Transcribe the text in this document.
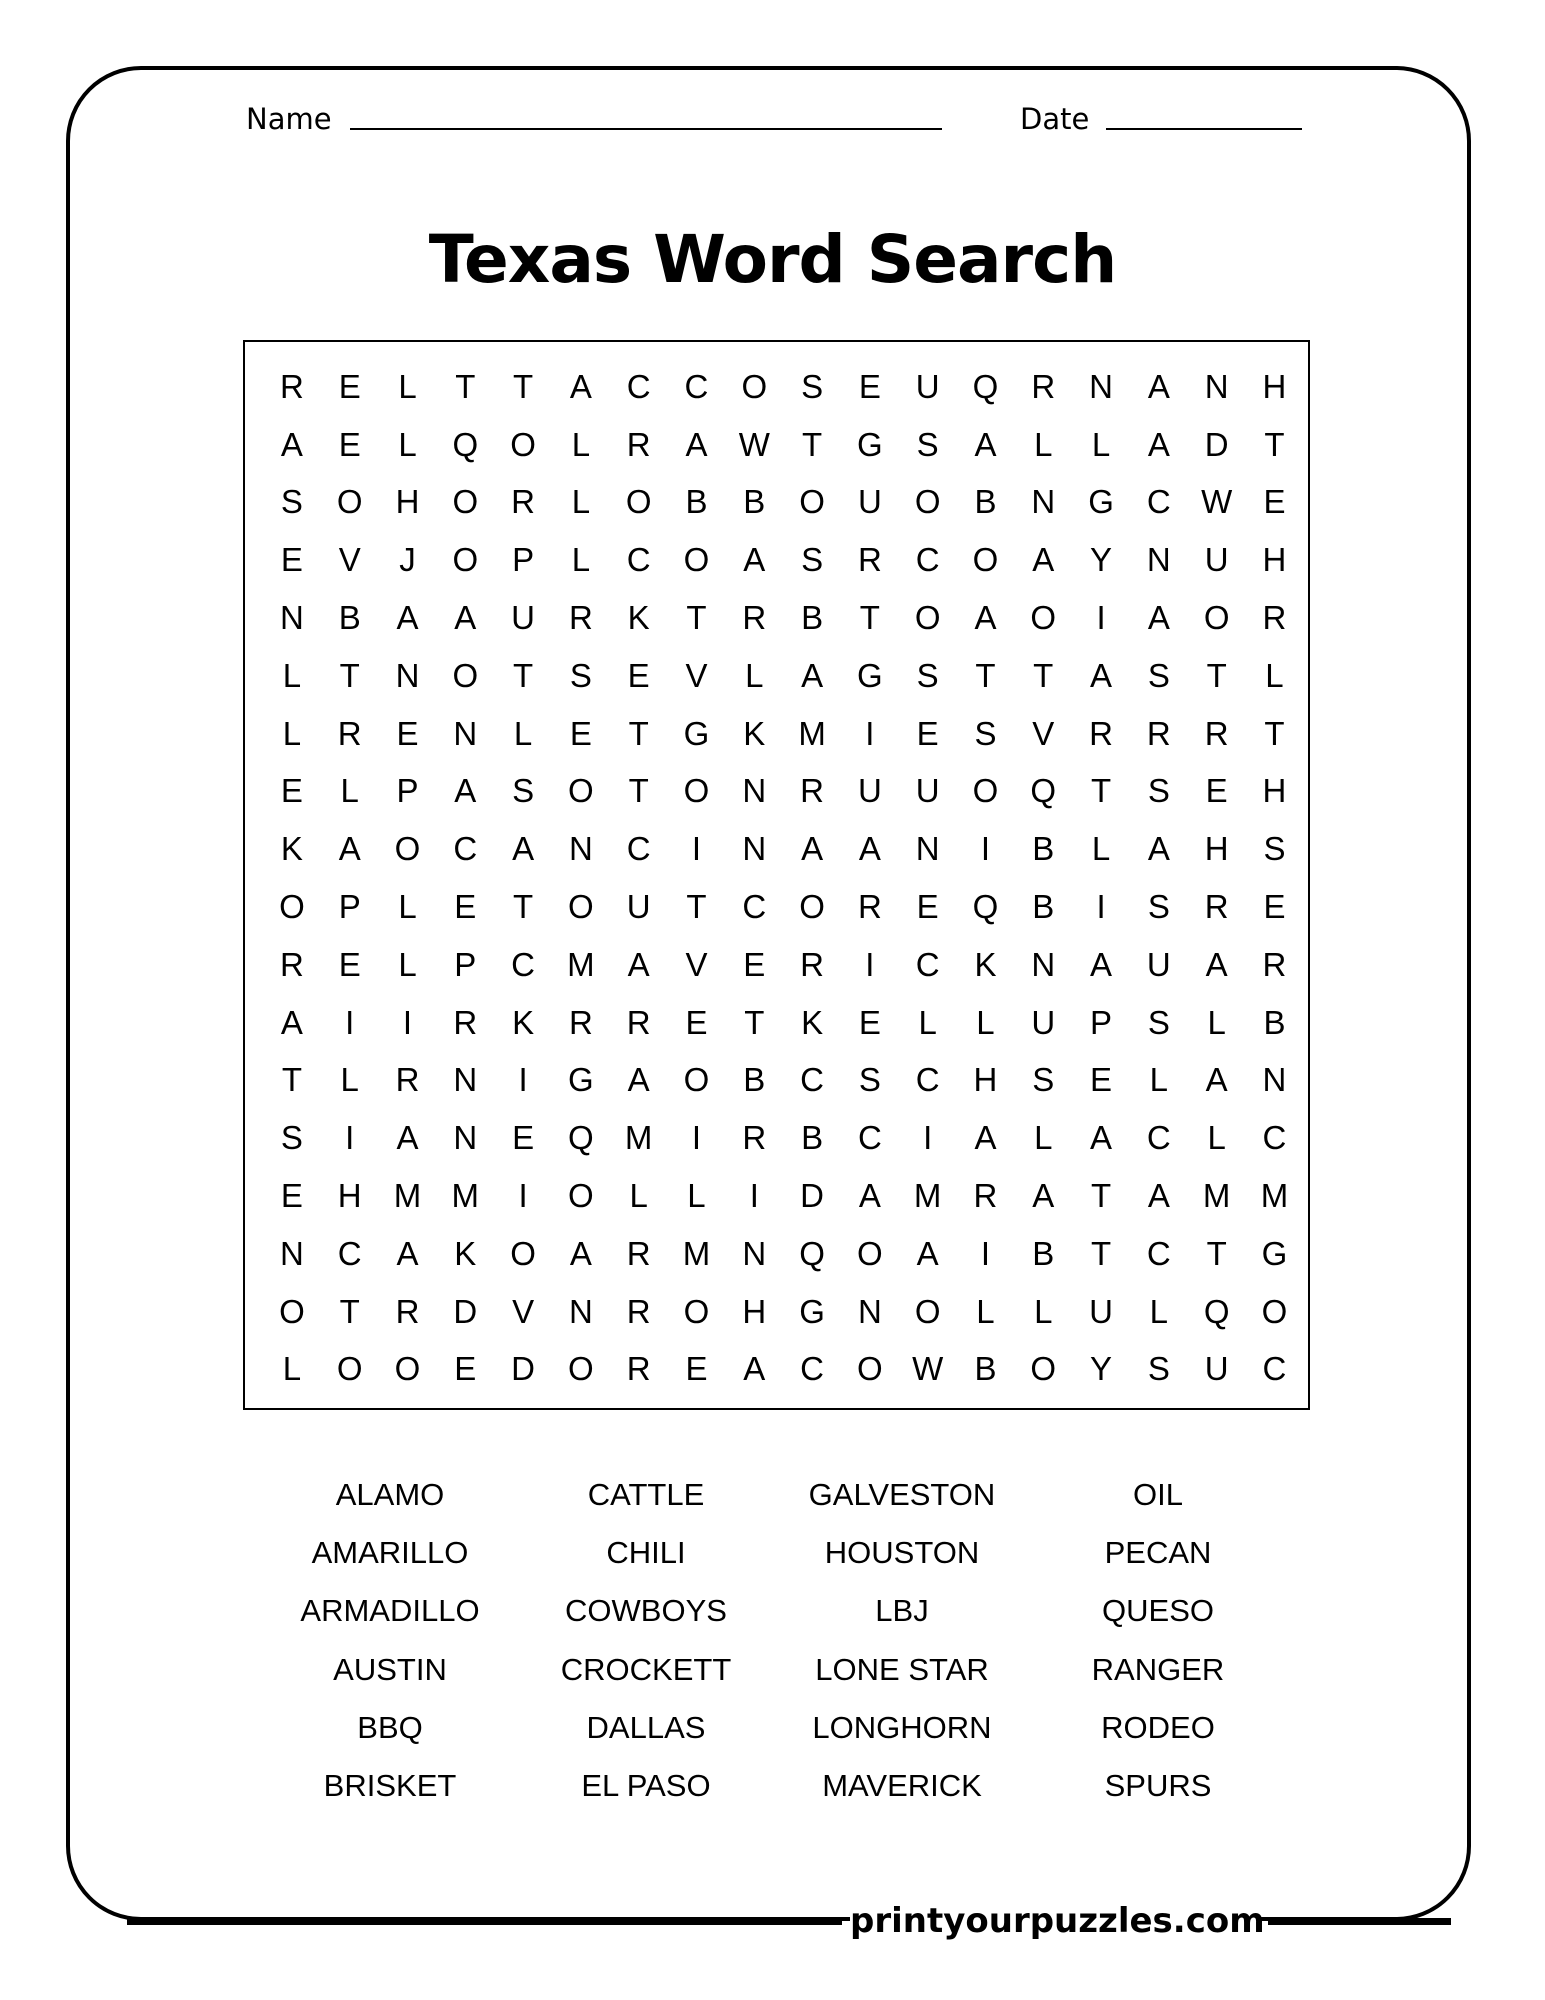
Name	Date
Texas Word Search
R	E	L	T	T	A	C	C	O	S	E	U	Q	R	N	A	N	H
A	E	L	Q	O	L	R	A	W	T	G	S	A	L	L	A	D	T
S	O	H	O	R	L	O	B	B	O	U	O	B	N	G	C	W	E
E	V	J	O	P	L	C	O	A	S	R	C	O	A	Y	N	U	H
N	B	A	A	U	R	K	T	R	B	T	O	A	O	I	A	O	R
L	T	N	O	T	S	E	V	L	A	G	S	T	T	A	S	T	L
L	R	E	N	L	E	T	G	K	M	I	E	S	V	R	R	R	T
E	L	P	A	S	O	T	O	N	R	U	U	O	Q	T	S	E	H
K	A	O	C	A	N	C	I	N	A	A	N	I	B	L	A	H	S
O	P	L	E	T	O	U	T	C	O	R	E	Q	B	I	S	R	E
R	E	L	P	C	M	A	V	E	R	I	C	K	N	A	U	A	R
A	I	I	R	K	R	R	E	T	K	E	L	L	U	P	S	L	B
T	L	R	N	I	G	A	O	B	C	S	C	H	S	E	L	A	N
S	I	A	N	E	Q	M	I	R	B	C	I	A	L	A	C	L	C
E	H	M	M	I	O	L	L	I	D	A	M	R	A	T	A	M	M
N	C	A	K	O	A	R	M	N	Q	O	A	I	B	T	C	T	G
O	T	R	D	V	N	R	O	H	G	N	O	L	L	U	L	Q	O
L	O	O	E	D	O	R	E	A	C	O	W	B	O	Y	S	U	C
ALAMO	CATTLE	GALVESTON	OIL
AMARILLO	CHILI	HOUSTON	PECAN
ARMADILLO	COWBOYS	LBJ	QUESO
AUSTIN	CROCKETT	LONE STAR	RANGER
BBQ	DALLAS	LONGHORN	RODEO
BRISKET	EL PASO	MAVERICK	SPURS
printyourpuzzles.com
